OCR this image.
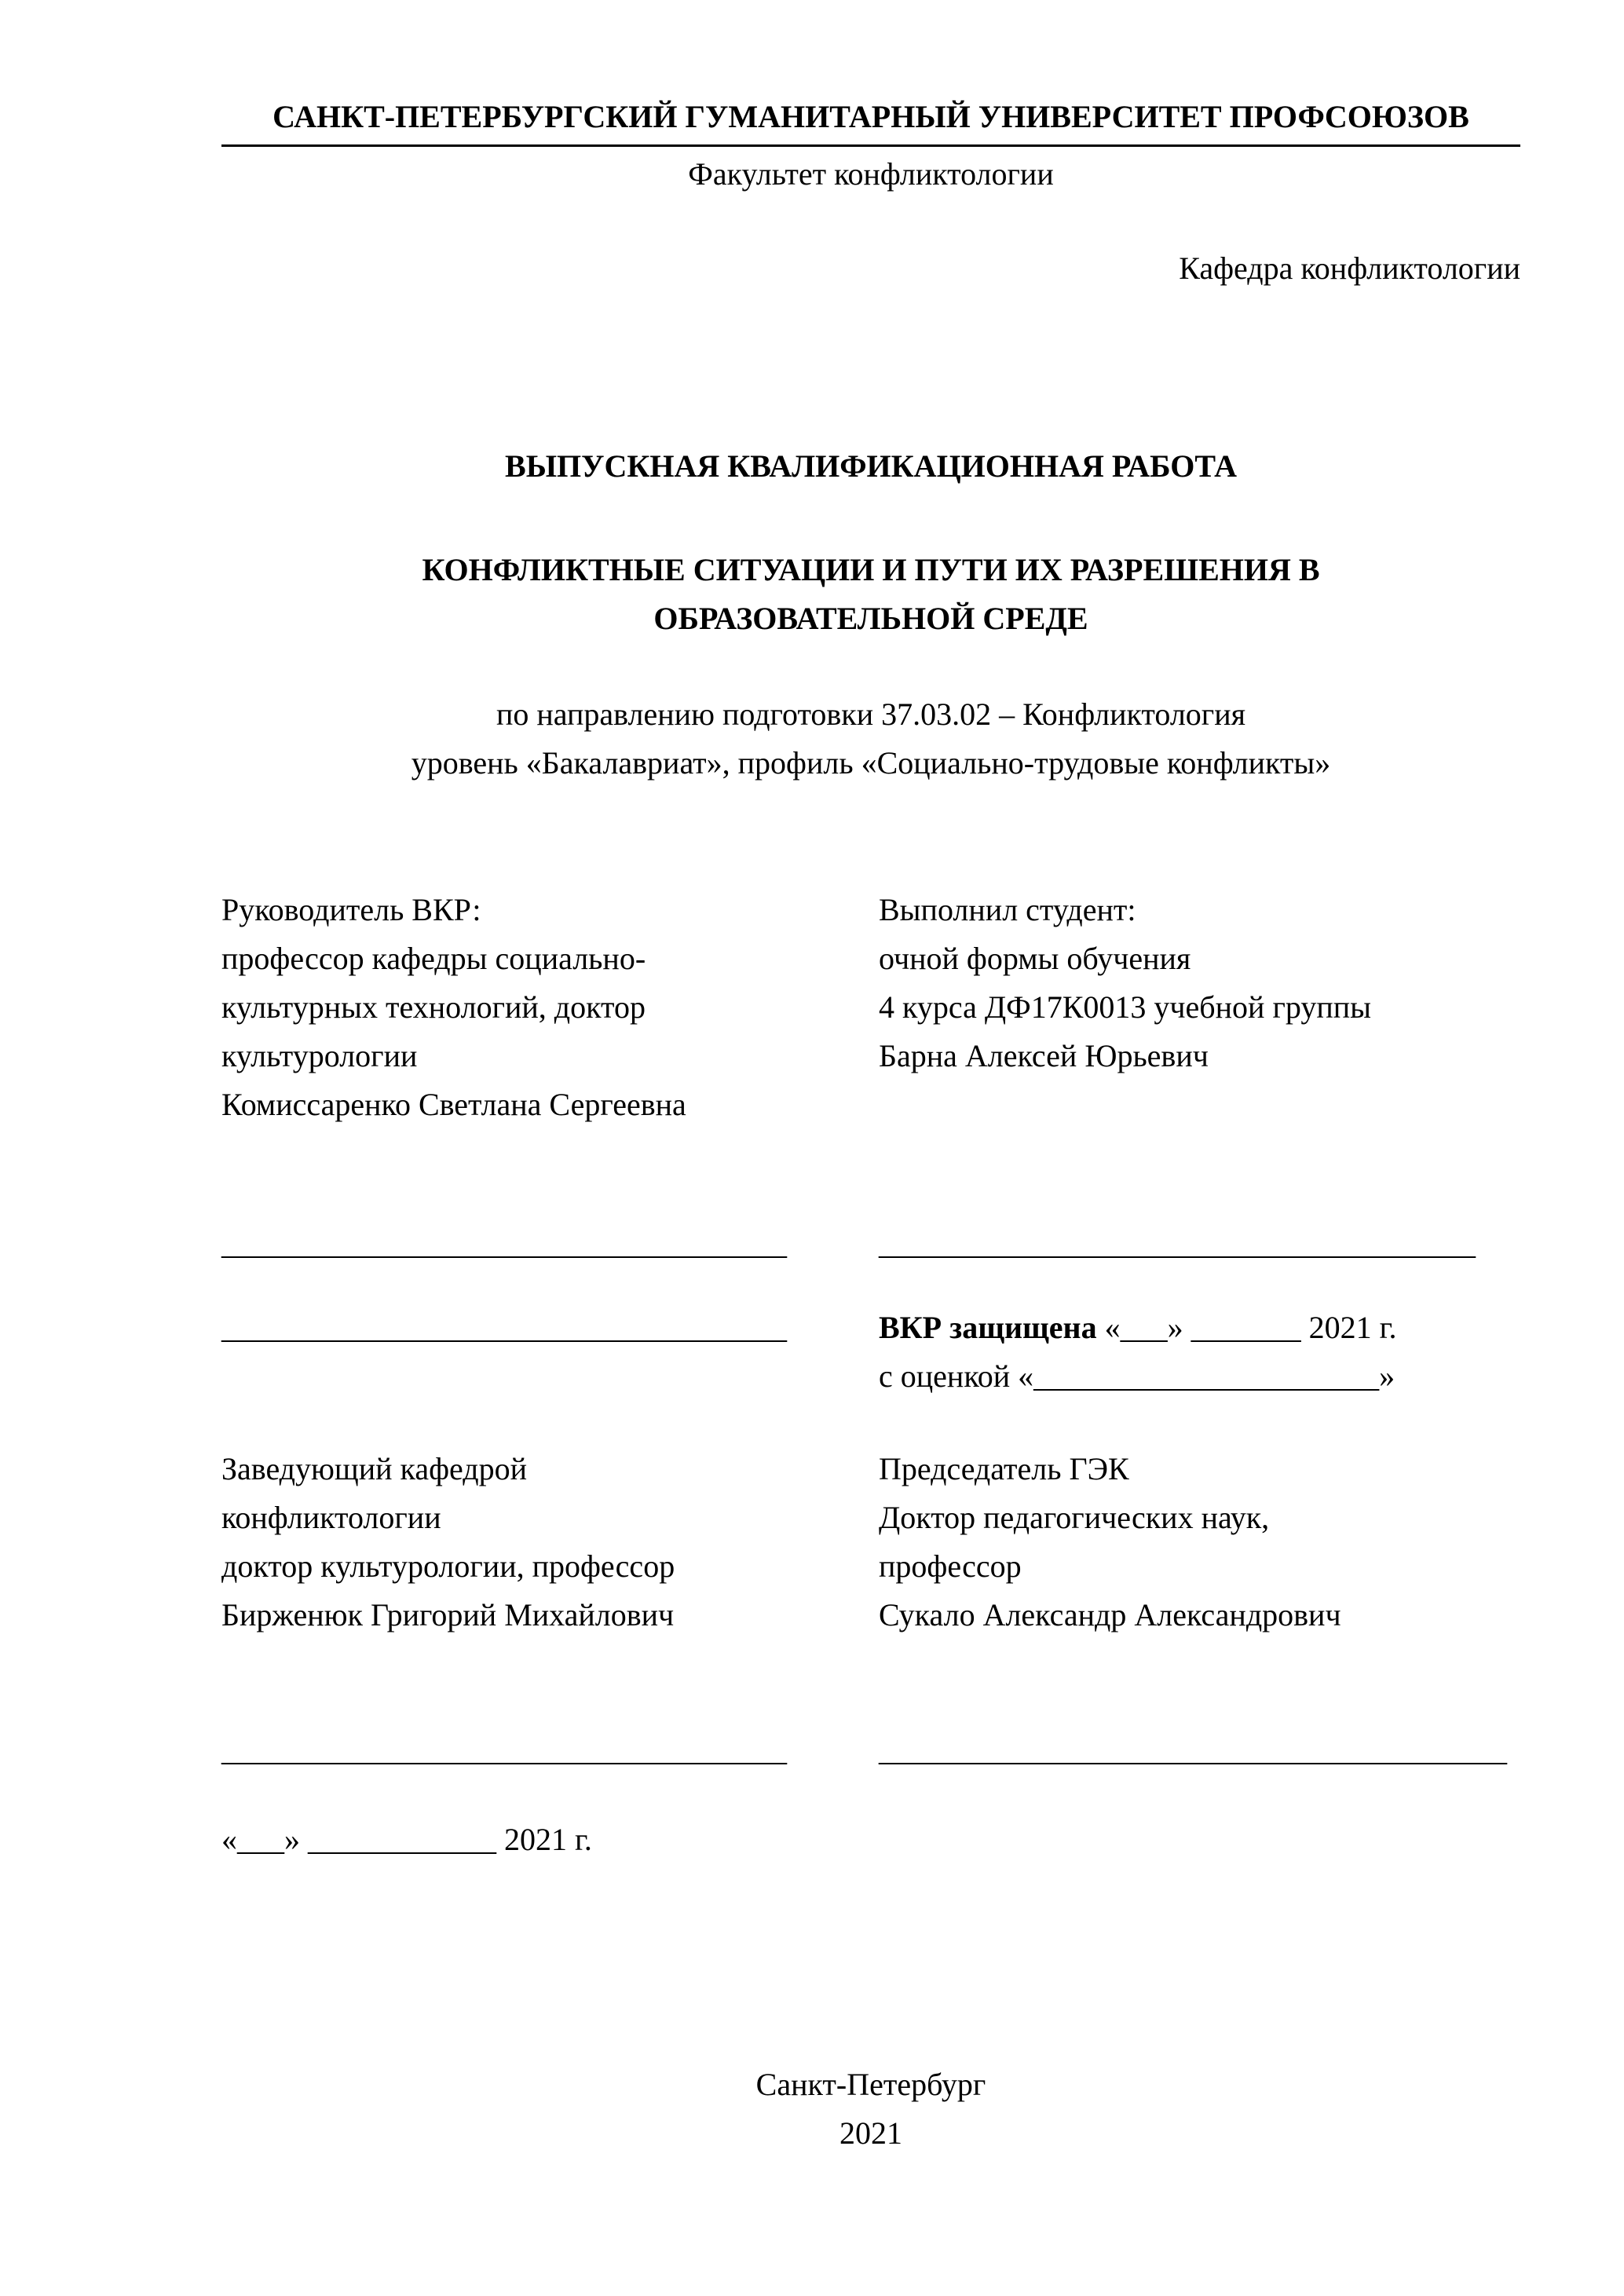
САНКТ-ПЕТЕРБУРГСКИЙ ГУМАНИТАРНЫЙ УНИВЕРСИТЕТ ПРОФСОЮЗОВ
Факультет конфликтологии
Кафедра конфликтологии
ВЫПУСКНАЯ КВАЛИФИКАЦИОННАЯ РАБОТА
КОНФЛИКТНЫЕ СИТУАЦИИ И ПУТИ ИХ РАЗРЕШЕНИЯ В
ОБРАЗОВАТЕЛЬНОЙ СРЕДЕ
по направлению подготовки 37.03.02 – Конфликтология
уровень «Бакалавриат», профиль «Социально-трудовые конфликты»
Руководитель ВКР:
профессор кафедры социально-
культурных технологий, доктор
культурологии
Комиссаренко Светлана Сергеевна
Выполнил студент:
очной формы обучения
4 курса ДФ17К0013 учебной группы
Барна Алексей Юрьевич
____________________________________	______________________________________
____________________________________	ВКР защищена «___» _______ 2021 г.
с оценкой «______________________»
Заведующий кафедрой
конфликтологии
доктор культурологии, профессор
Бирженюк Григорий Михайлович
Председатель ГЭК
Доктор педагогических наук,
профессор
Сукало Александр Александрович
____________________________________	________________________________________
«___» ____________ 2021 г.
Санкт-Петербург
2021
